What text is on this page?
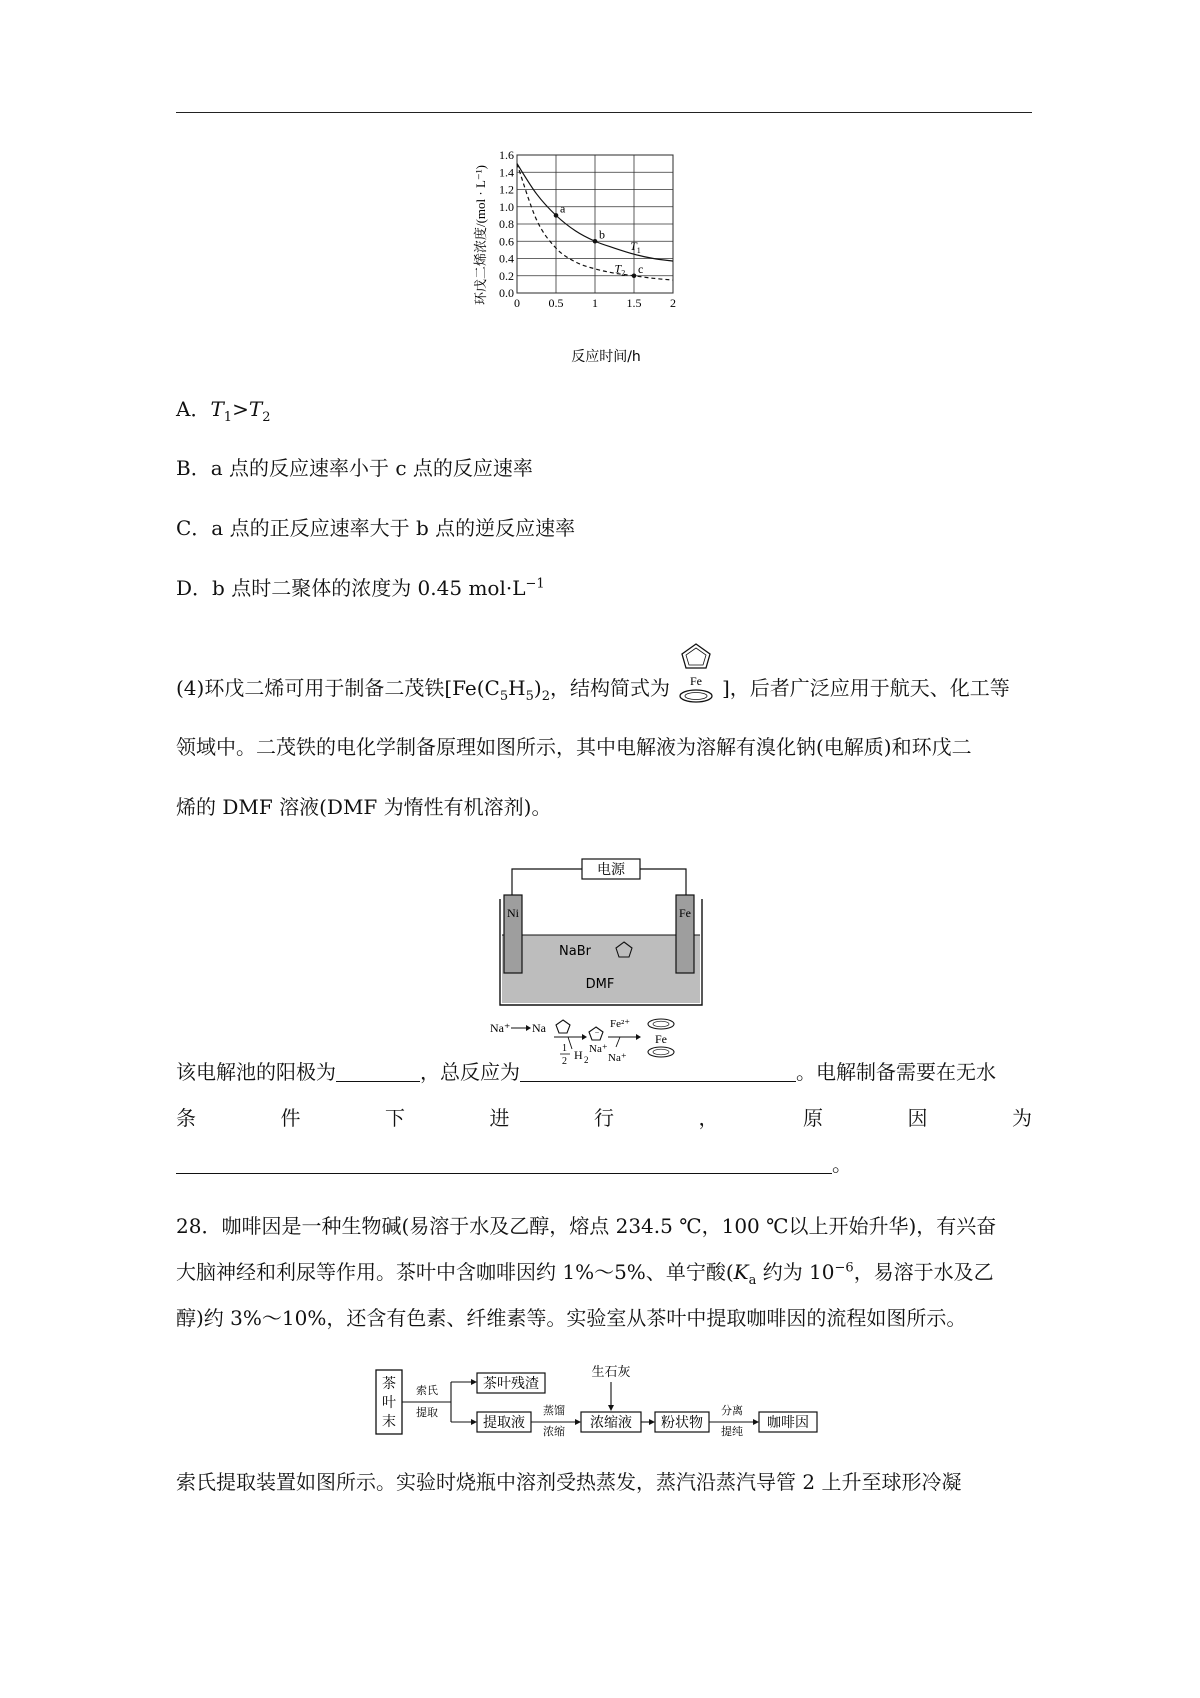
a
b
c
$T_1$
$T_2$
0.0
0.2
0.4
0.6
0.8
1.0
1.2
1.4
1.6
0 0.5 1 1.5 2
环戊二烯浓度/(mol · L⁻¹)
反应时间/h
A．$T_1>T_2$
B．a 点的反应速率小于 c 点的反应速率
C．a 点的正反应速率大于 b 点的逆反应速率
D．b 点时二聚体的浓度为 0.45 $mol\cdot L^{-1}$
(4)环戊二烯可用于制备二茂铁[$Fe(C_5H_5)_2$，结构简式为	]，后者广泛应用于航天、化工等
Fe
领域中。二茂铁的电化学制备原理如图所示，其中电解液为溶解有溴化钠(电解质)和环戊二
烯的 DMF 溶液(DMF 为惰性有机溶剂)。
电源
Ni	Fe
NaBr
DMF
Na⁺ Na
1
2 H 2
−
Na⁺
Fe²⁺
Na⁺
Fe
该电解池的阳极为	，总反应为	。电解制备需要在无水
条	件	下	进	行	，	原	因	为
。
28．咖啡因是一种生物碱(易溶于水及乙醇，熔点 234.5 ℃，100 ℃以上开始升华)，有兴奋
大脑神经和利尿等作用。茶叶中含咖啡因约 1%～5%、单宁酸($K_a$ 约为 $10^{-6}$，易溶于水及乙
醇)约 3%～10%，还含有色素、纤维素等。实验室从茶叶中提取咖啡因的流程如图所示。
茶
叶
末
索氏
提取
茶叶残渣
提取液
蒸馏
浓缩
生石灰
浓缩液 粉状物
分离
提纯
咖啡因
索氏提取装置如图所示。实验时烧瓶中溶剂受热蒸发，蒸汽沿蒸汽导管 2 上升至球形冷凝
